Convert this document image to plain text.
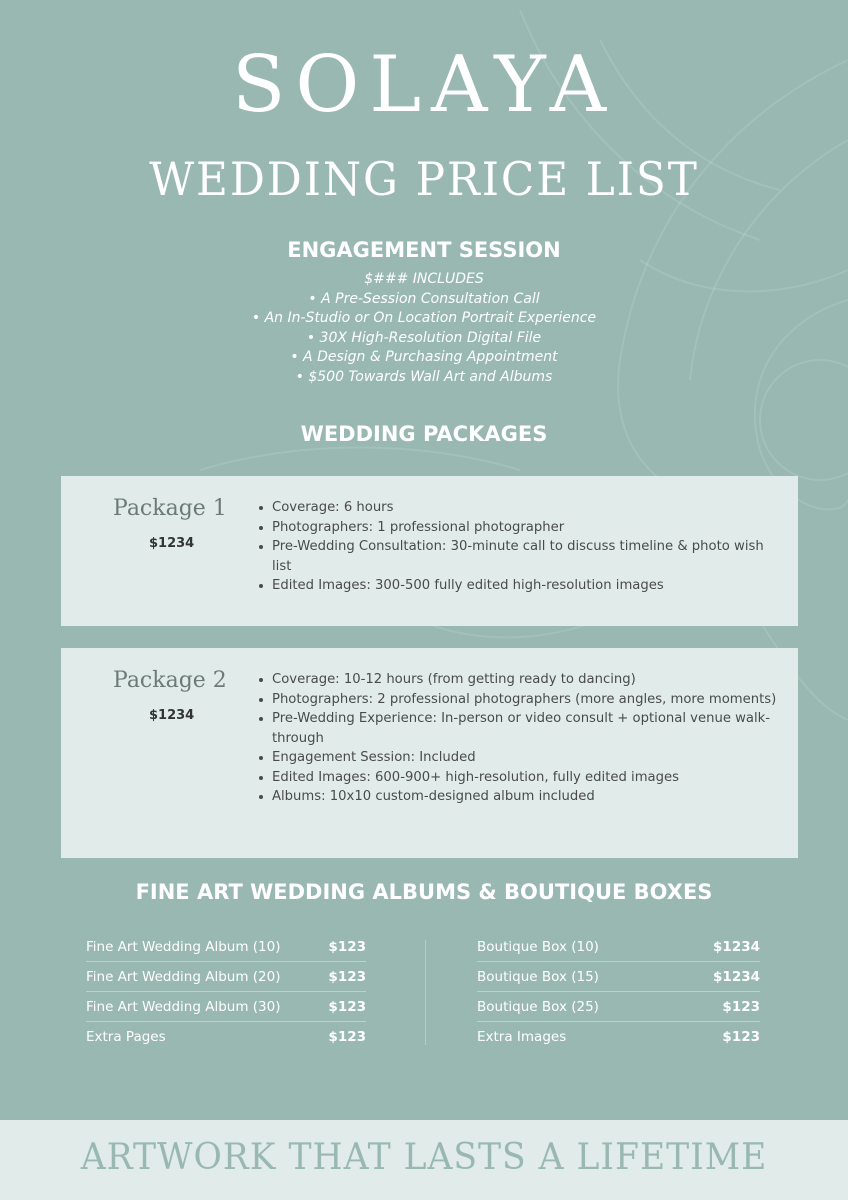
SOLAYA
WEDDING PRICE LIST
ENGAGEMENT SESSION
$### INCLUDES
• A Pre-Session Consultation Call
• An In-Studio or On Location Portrait Experience
• 30X High-Resolution Digital File
• A Design & Purchasing Appointment
• $500 Towards Wall Art and Albums
WEDDING PACKAGES
Package 1
$1234
Coverage: 6 hours
Photographers: 1 professional photographer
Pre-Wedding Consultation: 30-minute call to discuss timeline & photo wish list
Edited Images: 300-500 fully edited high-resolution images
Package 2
$1234
Coverage: 10-12 hours (from getting ready to dancing)
Photographers: 2 professional photographers (more angles, more moments)
Pre-Wedding Experience: In-person or video consult + optional venue walk-through
Engagement Session: Included
Edited Images: 600-900+ high-resolution, fully edited images
Albums: 10x10 custom-designed album included
FINE ART WEDDING ALBUMS & BOUTIQUE BOXES
Fine Art Wedding Album (10)	$123
Fine Art Wedding Album (20)	$123
Fine Art Wedding Album (30)	$123
Extra Pages	$123
Boutique Box (10)	$1234
Boutique Box (15)	$1234
Boutique Box (25)	$123
Extra Images	$123
ARTWORK THAT LASTS A LIFETIME
